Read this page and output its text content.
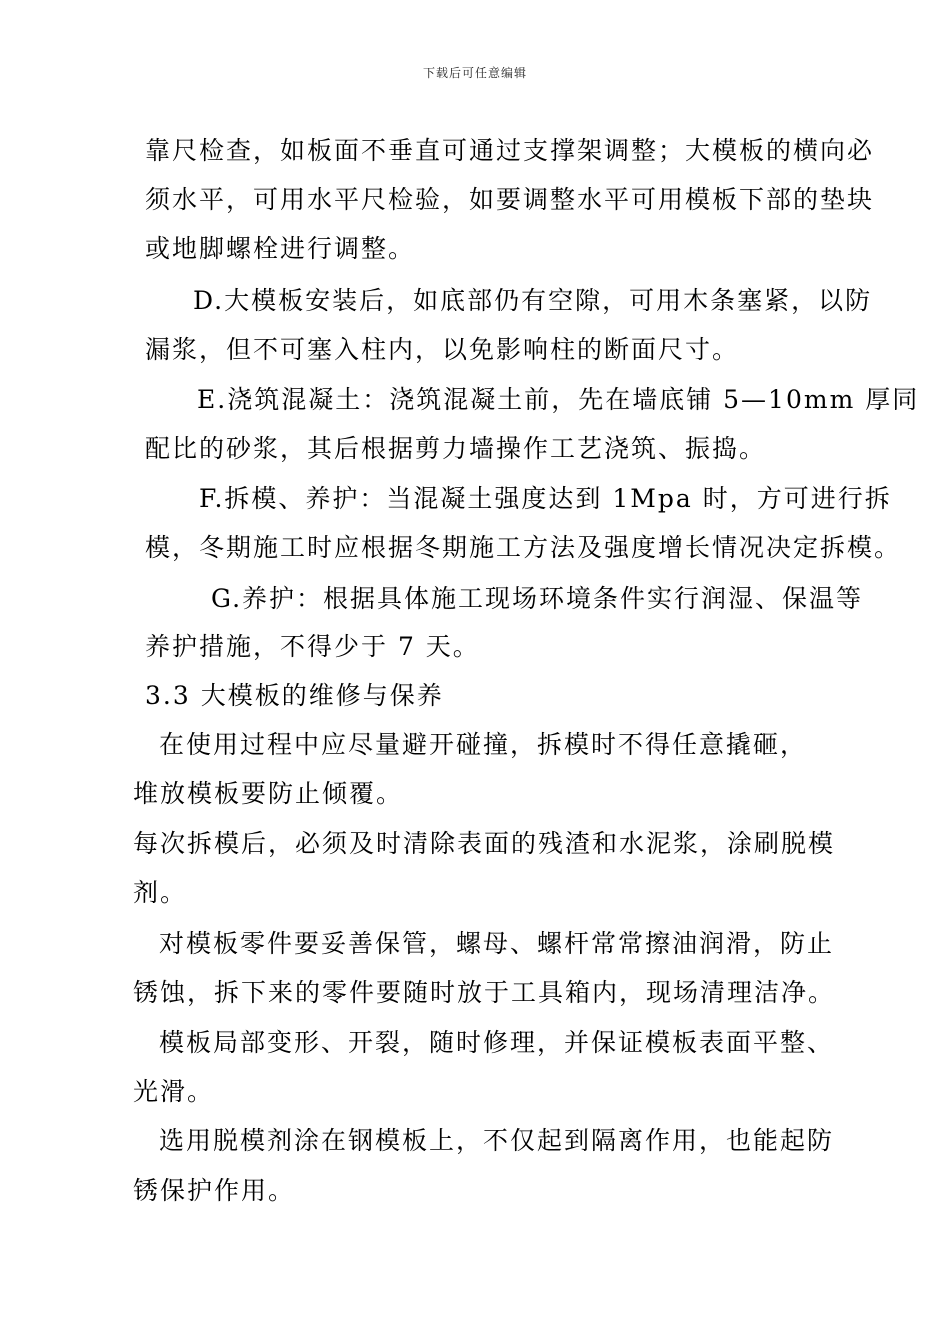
下载后可任意编辑
靠尺检查，如板面不垂直可通过支撑架调整；大模板的横向必
须水平，可用水平尺检验，如要调整水平可用模板下部的垫块
或地脚螺栓进行调整。
D.大模板安装后，如底部仍有空隙，可用木条塞紧，以防
漏浆，但不可塞入柱内，以免影响柱的断面尺寸。
E.浇筑混凝土：浇筑混凝土前，先在墙底铺 5—10mm 厚同
配比的砂浆，其后根据剪力墙操作工艺浇筑、振捣。
F.拆模、养护：当混凝土强度达到 1Mpa 时，方可进行拆
模，冬期施工时应根据冬期施工方法及强度增长情况决定拆模。
G.养护：根据具体施工现场环境条件实行润湿、保温等
养护措施，不得少于 7 天。
3.3 大模板的维修与保养
在使用过程中应尽量避开碰撞，拆模时不得任意撬砸，
堆放模板要防止倾覆。
每次拆模后，必须及时清除表面的残渣和水泥浆，涂刷脱模
剂。
对模板零件要妥善保管，螺母、螺杆常常擦油润滑，防止
锈蚀，拆下来的零件要随时放于工具箱内，现场清理洁净。
模板局部变形、开裂，随时修理，并保证模板表面平整、
光滑。
选用脱模剂涂在钢模板上，不仅起到隔离作用，也能起防
锈保护作用。
